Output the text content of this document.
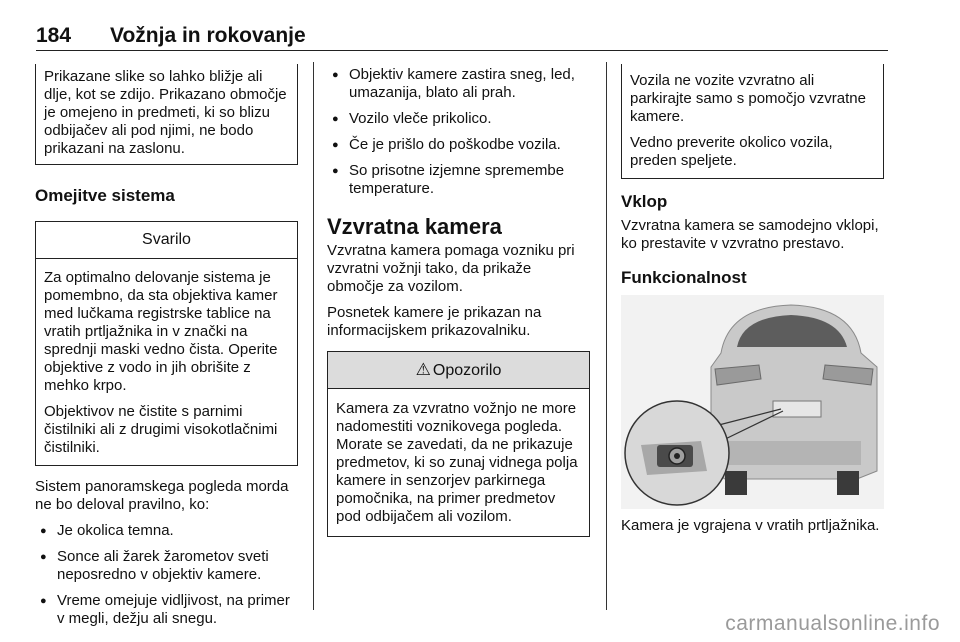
184 Vožnja in rokovanje

Prikazane slike so lahko bližje ali dlje, kot se zdijo. Prikazano območje je omejeno in predmeti, ki so blizu odbijačev ali pod njimi, ne bodo prikazani na zaslonu.

Omejitve sistema

Svarilo

Za optimalno delovanje sistema je pomembno, da sta objektiva kamer med lučkama registrske tablice na vratih prtljažnika in v znački na sprednji maski vedno čista. Operite objektive z vodo in jih obrišite z mehko krpo.

Objektivov ne čistite s parnimi čistilniki ali z drugimi visokotlačnimi čistilniki.

Sistem panoramskega pogleda morda ne bo deloval pravilno, ko:

● Je okolica temna.
● Sonce ali žarek žarometov sveti neposredno v objektiv kamere.
● Vreme omejuje vidljivost, na primer v megli, dežju ali snegu.
● Objektiv kamere zastira sneg, led, umazanija, blato ali prah.
● Vozilo vleče prikolico.
● Če je prišlo do poškodbe vozila.
● So prisotne izjemne spremembe temperature.

Vzvratna kamera

Vzvratna kamera pomaga vozniku pri vzvratni vožnji tako, da prikaže območje za vozilom.

Posnetek kamere je prikazan na informacijskem prikazovalniku.

⚠ Opozorilo

Kamera za vzvratno vožnjo ne more nadomestiti voznikovega pogleda. Morate se zavedati, da ne prikazuje predmetov, ki so zunaj vidnega polja kamere in senzorjev parkirnega pomočnika, na primer predmetov pod odbijačem ali vozilom.

Vozila ne vozite vzvratno ali parkirajte samo s pomočjo vzvratne kamere.

Vedno preverite okolico vozila, preden speljete.

Vklop

Vzvratna kamera se samodejno vklopi, ko prestavite v vzvratno prestavo.

Funkcionalnost

Kamera je vgrajena v vratih prtljažnika.

carmanualsonline.info
